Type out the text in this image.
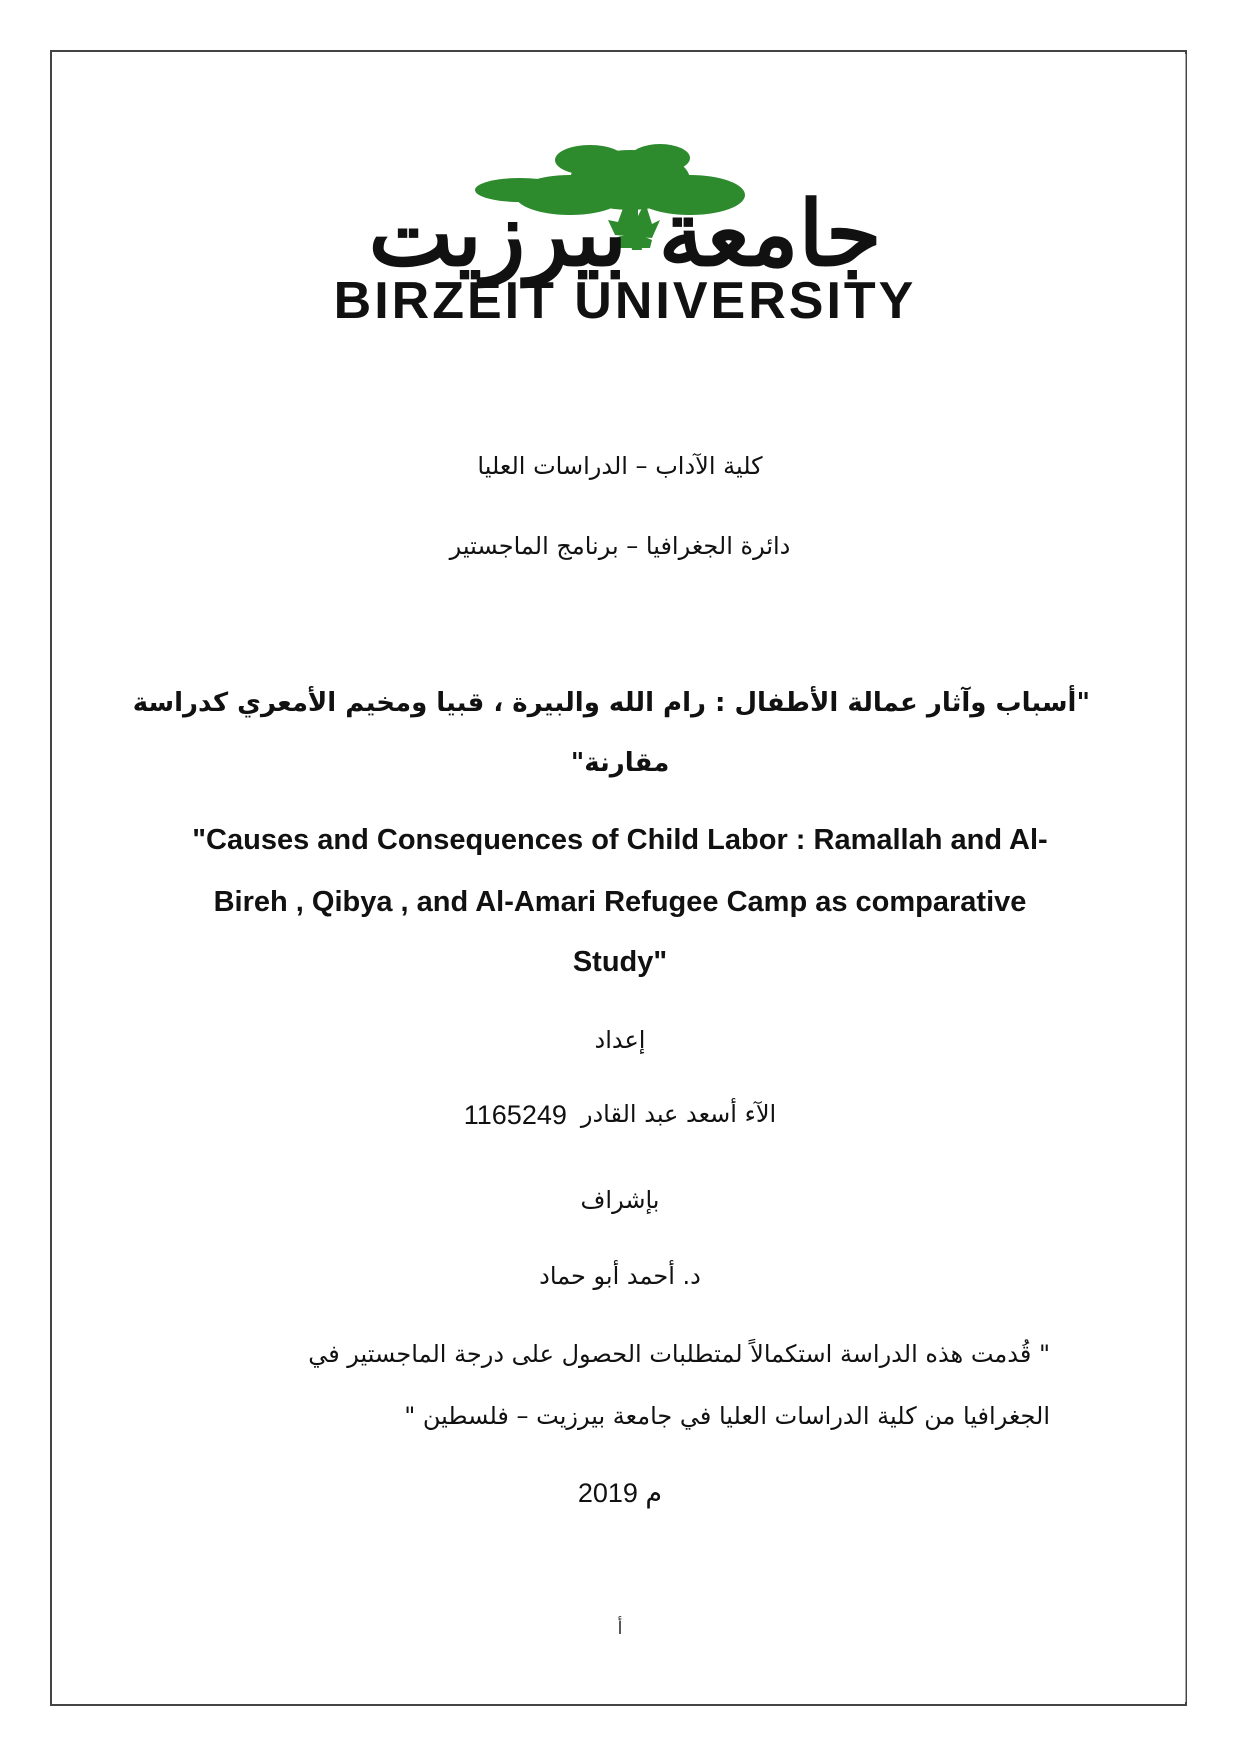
جامعة بيرزيت
BIRZEIT UNIVERSITY
كلية الآداب – الدراسات العليا
دائرة الجغرافيا – برنامج الماجستير
"أسباب وآثار عمالة الأطفال : رام الله والبيرة ، قبيا ومخيم الأمعري كدراسة
مقارنة"
"Causes and Consequences of Child Labor : Ramallah and Al-
Bireh , Qibya , and Al-Amari Refugee Camp as comparative
Study"
إعداد
1165249 الآء أسعد عبد القادر
بإشراف
د. أحمد أبو حماد
" قُدمت هذه الدراسة استكمالاً لمتطلبات الحصول على درجة الماجستير في
الجغرافيا من كلية الدراسات العليا في جامعة بيرزيت – فلسطين "
2019 م
أ
